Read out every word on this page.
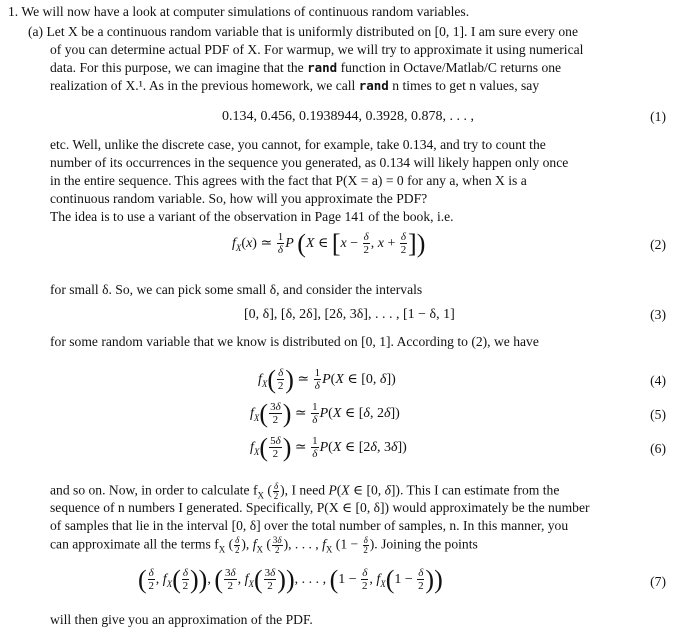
1. We will now have a look at computer simulations of continuous random variables.
(a) Let X be a continuous random variable that is uniformly distributed on [0, 1]. I am sure every one
of you can determine actual PDF of X. For warmup, we will try to approximate it using numerical
data. For this purpose, we can imagine that the rand function in Octave/Matlab/C returns one
realization of X.¹. As in the previous homework, we call rand n times to get n values, say
0.134, 0.456, 0.1938944, 0.3928, 0.878, . . . ,	(1)
etc. Well, unlike the discrete case, you cannot, for example, take 0.134, and try to count the
number of its occurrences in the sequence you generated, as 0.134 will likely happen only once
in the entire sequence. This agrees with the fact that P(X = a) = 0 for any a, when X is a
continuous random variable. So, how will you approximate the PDF?
The idea is to use a variant of the observation in Page 141 of the book, i.e.
$f_X(x)$ ≃ $\frac{1}{\delta}$ P (X ∈ [$x - \frac{\delta}{2}$ , $x + \frac{\delta}{2}$ ])	(2)
for small δ. So, we can pick some small δ, and consider the intervals
[0, δ], [δ, 2δ], [2δ, 3δ], . . . , [1 − δ, 1]	(3)
for some random variable that we know is distributed on [0, 1]. According to (2), we have
$f_X( \frac{\delta}{2}$ ) ≃ $\frac{1}{\delta} P(X$ ∈ [0, δ])	(4)
$f_X( \frac{3\delta}{2}$ ) ≃ $\frac{1}{\delta} P(X$ ∈ [δ, 2δ])	(5)
$f_X( \frac{5\delta}{2}$ ) ≃ $\frac{1}{\delta} P(X$ ∈ [2δ, 3δ])	(6)
and so on. Now, in order to calculate $f_X$ ( $\frac{\delta}{2}$ ), I need P(X ∈ [0, δ]). This I can estimate from the
sequence of n numbers I generated. Specifically, P(X ∈ [0, δ]) would approximately be the number
of samples that lie in the interval [0, δ] over the total number of samples, n. In this manner, you
can approximate all the terms $f_X$ ( $\frac{\delta}{2}$ ), $f_X$ ( $\frac{3\delta}{2}$ ), . . . , $f_X$ ($1 - \frac{\delta}{2}$ ). Joining the points
( $\frac{\delta}{2}$ , $f_X( \frac{\delta}{2}$ )), ( $\frac{3\delta}{2}$ , $f_X( \frac{3\delta}{2}$ )), . . . , ($1 - \frac{\delta}{2}$ , $f_X(1 - \frac{\delta}{2}$ ))	(7)
will then give you an approximation of the PDF.
